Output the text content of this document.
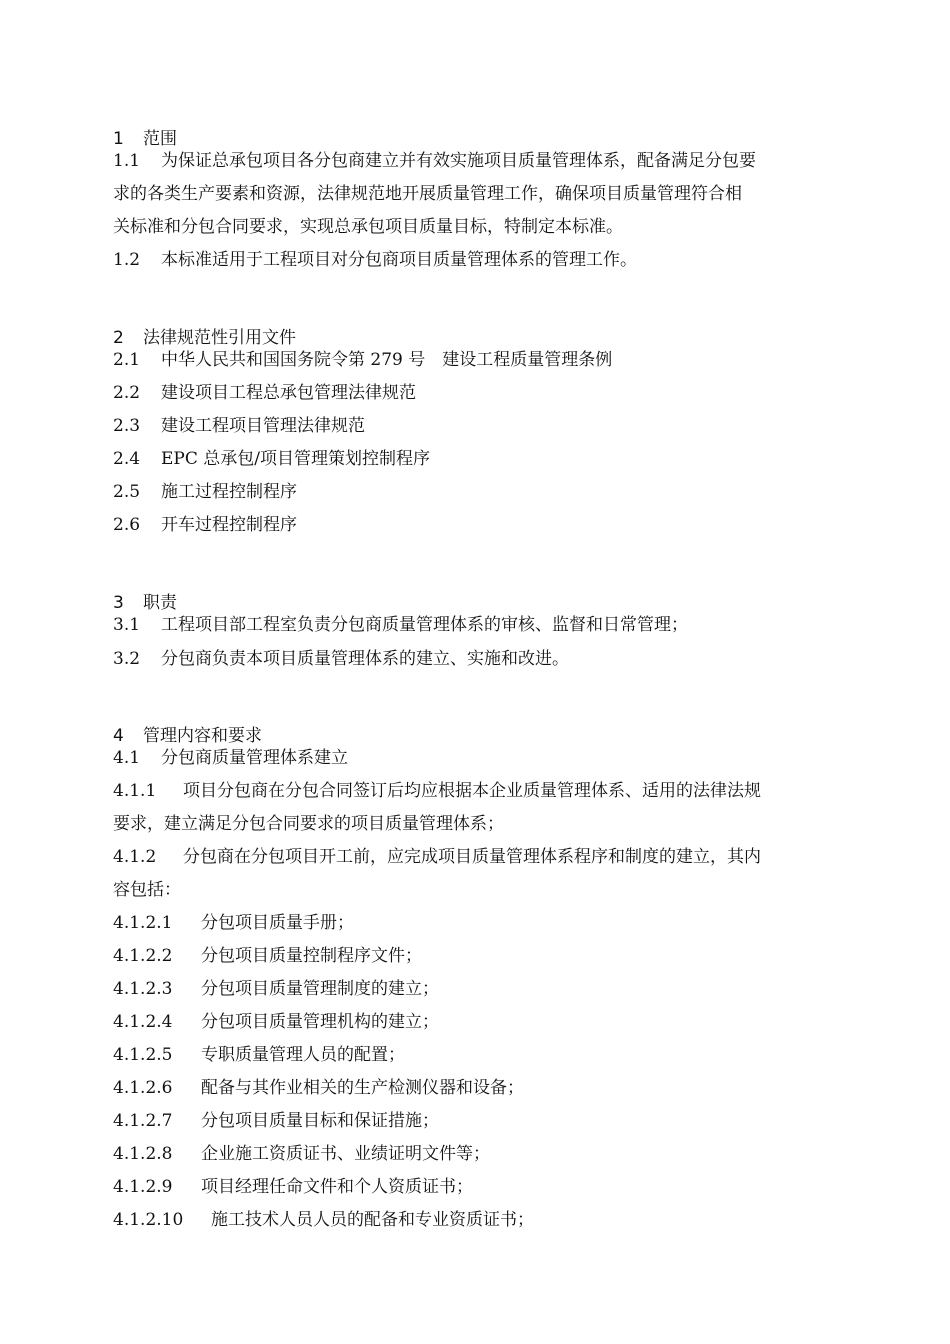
1 范围
1.1 为保证总承包项目各分包商建立并有效实施项目质量管理体系，配备满足分包要
求的各类生产要素和资源，法律规范地开展质量管理工作，确保项目质量管理符合相
关标准和分包合同要求，实现总承包项目质量目标，特制定本标准。
1.2 本标准适用于工程项目对分包商项目质量管理体系的管理工作。
2 法律规范性引用文件
2.1 中华人民共和国国务院令第 279 号　建设工程质量管理条例
2.2 建设项目工程总承包管理法律规范
2.3 建设工程项目管理法律规范
2.4 EPC 总承包/项目管理策划控制程序
2.5 施工过程控制程序
2.6 开车过程控制程序
3 职责
3.1 工程项目部工程室负责分包商质量管理体系的审核、监督和日常管理；
3.2 分包商负责本项目质量管理体系的建立、实施和改进。
4 管理内容和要求
4.1 分包商质量管理体系建立
4.1.1 项目分包商在分包合同签订后均应根据本企业质量管理体系、适用的法律法规
要求，建立满足分包合同要求的项目质量管理体系；
4.1.2 分包商在分包项目开工前，应完成项目质量管理体系程序和制度的建立，其内
容包括：
4.1.2.1 分包项目质量手册；
4.1.2.2 分包项目质量控制程序文件；
4.1.2.3 分包项目质量管理制度的建立；
4.1.2.4 分包项目质量管理机构的建立；
4.1.2.5 专职质量管理人员的配置；
4.1.2.6 配备与其作业相关的生产检测仪器和设备；
4.1.2.7 分包项目质量目标和保证措施；
4.1.2.8 企业施工资质证书、业绩证明文件等；
4.1.2.9 项目经理任命文件和个人资质证书；
4.1.2.10 施工技术人员人员的配备和专业资质证书；
